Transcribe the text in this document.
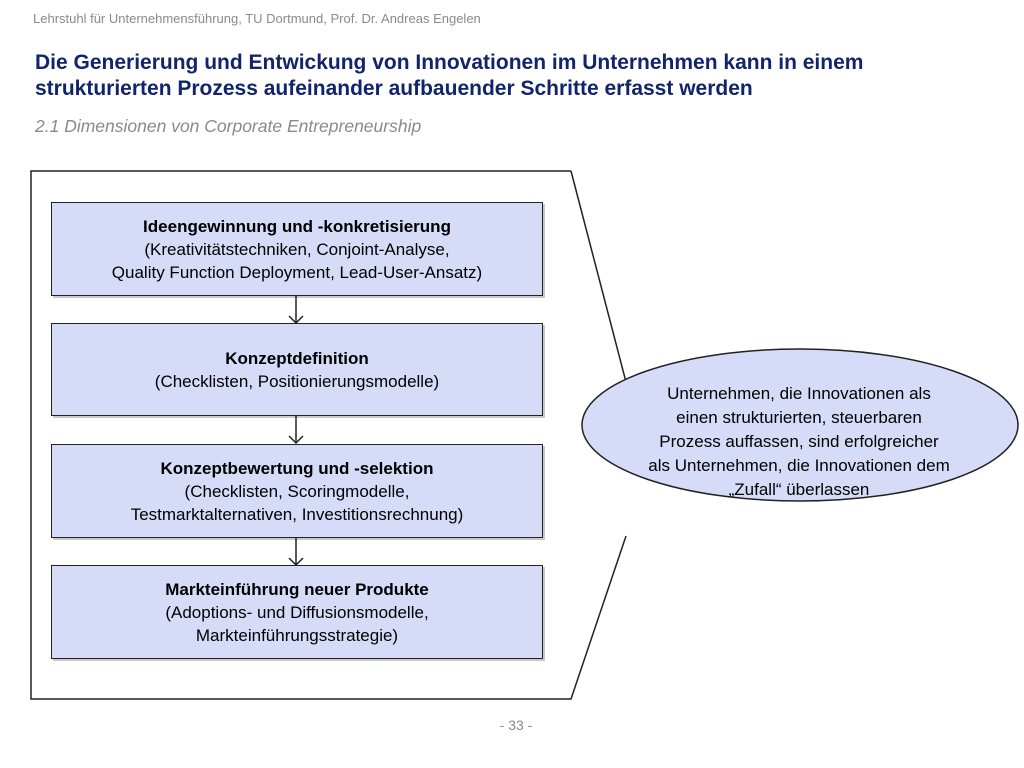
Lehrstuhl für Unternehmensführung, TU Dortmund, Prof. Dr. Andreas Engelen
Die Generierung und Entwickung von Innovationen im Unternehmen kann in einem
strukturierten Prozess aufeinander aufbauender Schritte erfasst werden
2.1 Dimensionen von Corporate Entrepreneurship
Ideengewinnung und -konkretisierung
(Kreativitätstechniken, Conjoint-Analyse,
Quality Function Deployment, Lead-User-Ansatz)
Konzeptdefinition
(Checklisten, Positionierungsmodelle)
Konzeptbewertung und -selektion
(Checklisten, Scoringmodelle,
Testmarktalternativen, Investitionsrechnung)
Markteinführung neuer Produkte
(Adoptions- und Diffusionsmodelle,
Markteinführungsstrategie)
Unternehmen, die Innovationen als
einen strukturierten, steuerbaren
Prozess auffassen, sind erfolgreicher
als Unternehmen, die Innovationen dem
„Zufall“ überlassen
- 33 -
